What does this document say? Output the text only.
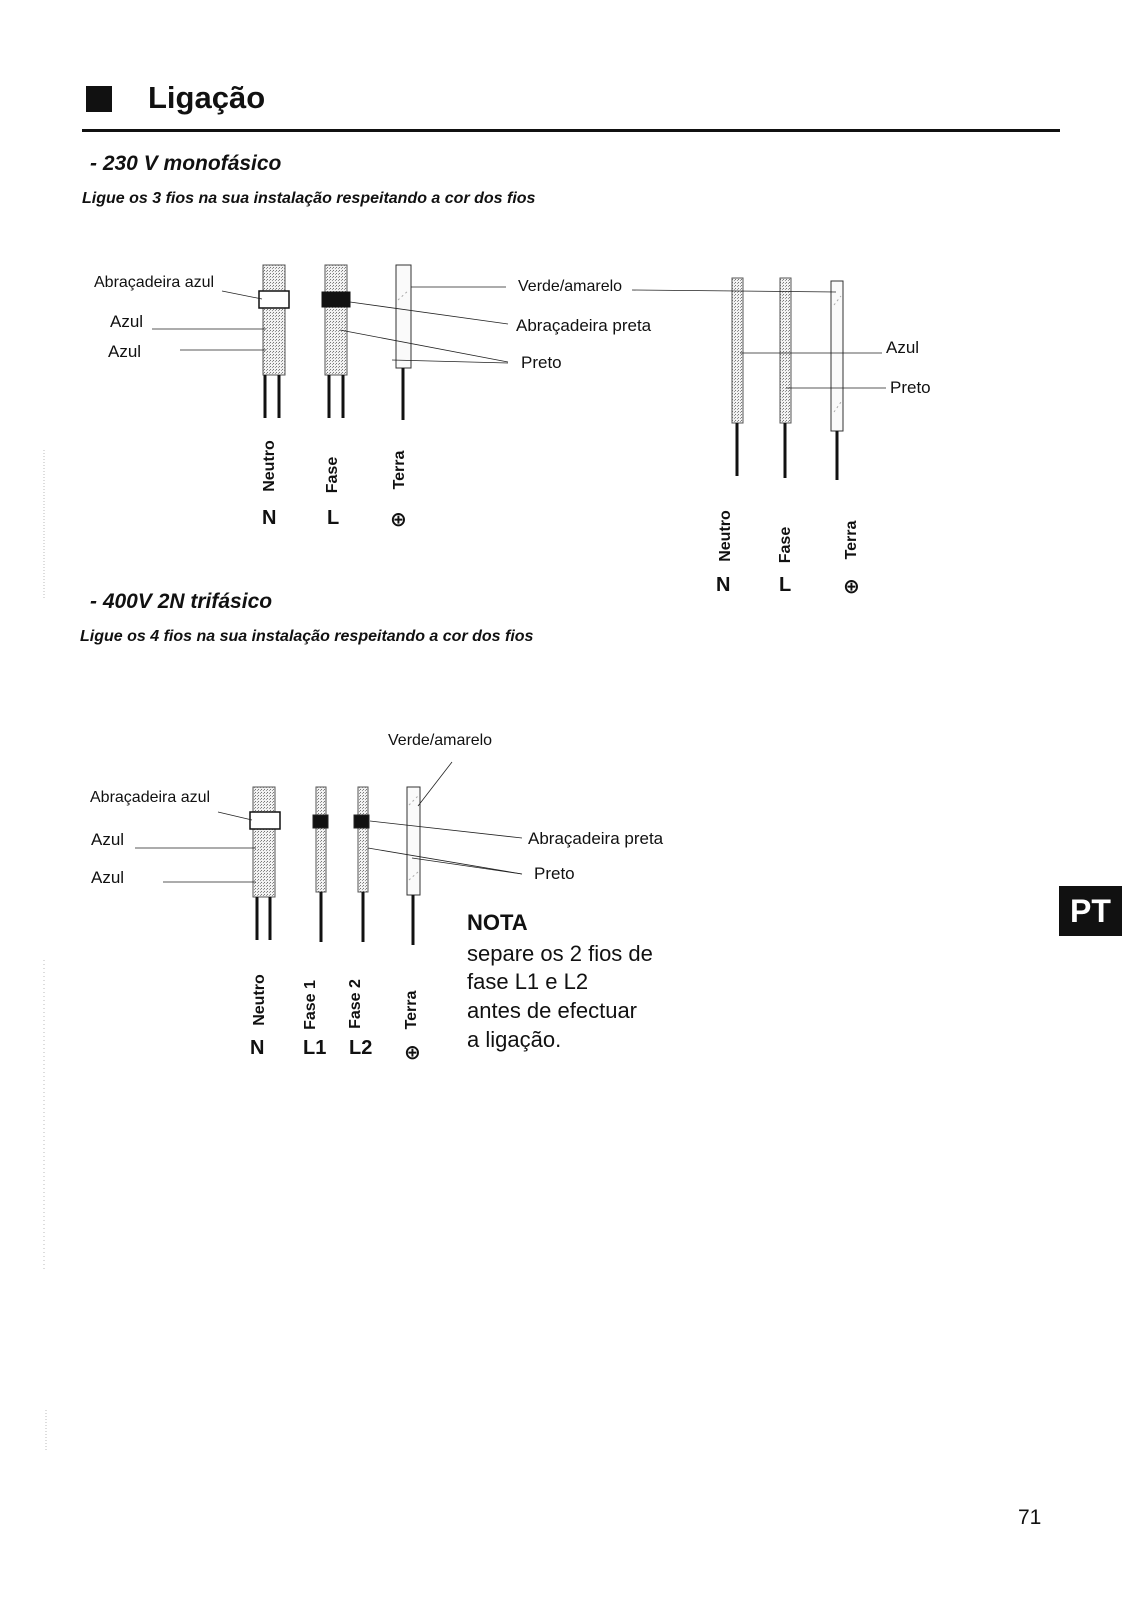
Ligação
- 230 V monofásico
Ligue os 3 fios na sua instalação respeitando a cor dos fios
Abraçadeira azul
Azul
Azul
Verde/amarelo
Abraçadeira preta
Preto
Neutro	Fase	Terra
N	L	⊕
Azul
Preto
Neutro	Fase	Terra
N L	⊕
- 400V 2N trifásico
Ligue os 4 fios na sua instalação respeitando a cor dos fios
Verde/amarelo
Abraçadeira azul
Azul
Azul
Abraçadeira preta
Preto
Neutro Fase 1 Fase 2 Terra
N L1 L2 ⊕
NOTA
separe os 2 fios de
fase L1 e L2
antes de efectuar
a ligação.
PT
71
